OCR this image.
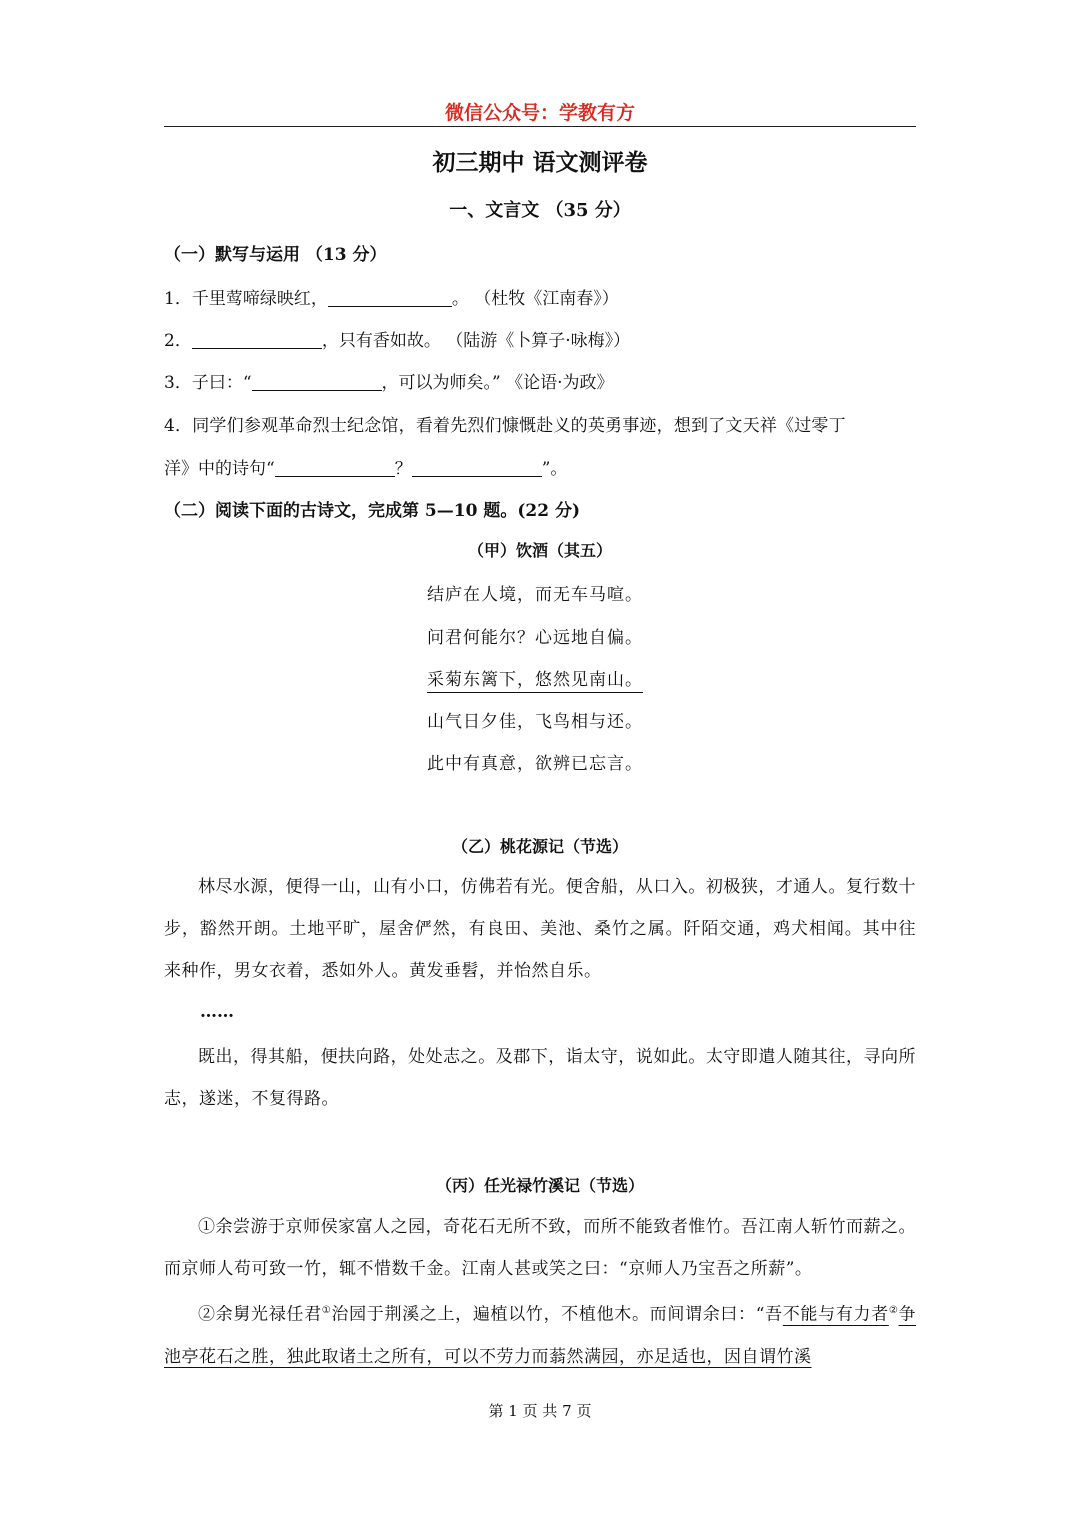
微信公众号：学教有方
初三期中 语文测评卷
一、文言文 （35 分）
（一）默写与运用 （13 分）
1．千里莺啼绿映红，	。 （杜牧《江南春》）
2．	，只有香如故。 （陆游《卜算子·咏梅》）
3．子曰：“	，可以为师矣。” 《论语·为政》
4．同学们参观革命烈士纪念馆，看着先烈们慷慨赴义的英勇事迹，想到了文天祥《过零丁
洋》中的诗句“	？	”。
（二）阅读下面的古诗文，完成第 5—10 题。(22 分)
（甲）饮酒（其五）
结庐在人境，而无车马喧。
问君何能尔？心远地自偏。
采菊东篱下，悠然见南山。
山气日夕佳，飞鸟相与还。
此中有真意，欲辨已忘言。
（乙）桃花源记（节选）
林尽水源，便得一山，山有小口，仿佛若有光。便舍船，从口入。初极狭，才通人。复行数十步，豁然开朗。土地平旷，屋舍俨然，有良田、美池、桑竹之属。阡陌交通，鸡犬相闻。其中往来种作，男女衣着，悉如外人。黄发垂髫，并怡然自乐。
……
既出，得其船，便扶向路，处处志之。及郡下，诣太守，说如此。太守即遣人随其往，寻向所志，遂迷，不复得路。
（丙）任光禄竹溪记（节选）
①余尝游于京师侯家富人之园，奇花石无所不致，而所不能致者惟竹。吾江南人斩竹而薪之。而京师人苟可致一竹，辄不惜数千金。江南人甚或笑之曰：“京师人乃宝吾之所薪”。
②余舅光禄任君①治园于荆溪之上，遍植以竹，不植他木。而间谓余曰：“吾不能与有力者②争池亭花石之胜，独此取诸土之所有，可以不劳力而蓊然满园，亦足适也，因自谓竹溪
第 1 页 共 7 页
